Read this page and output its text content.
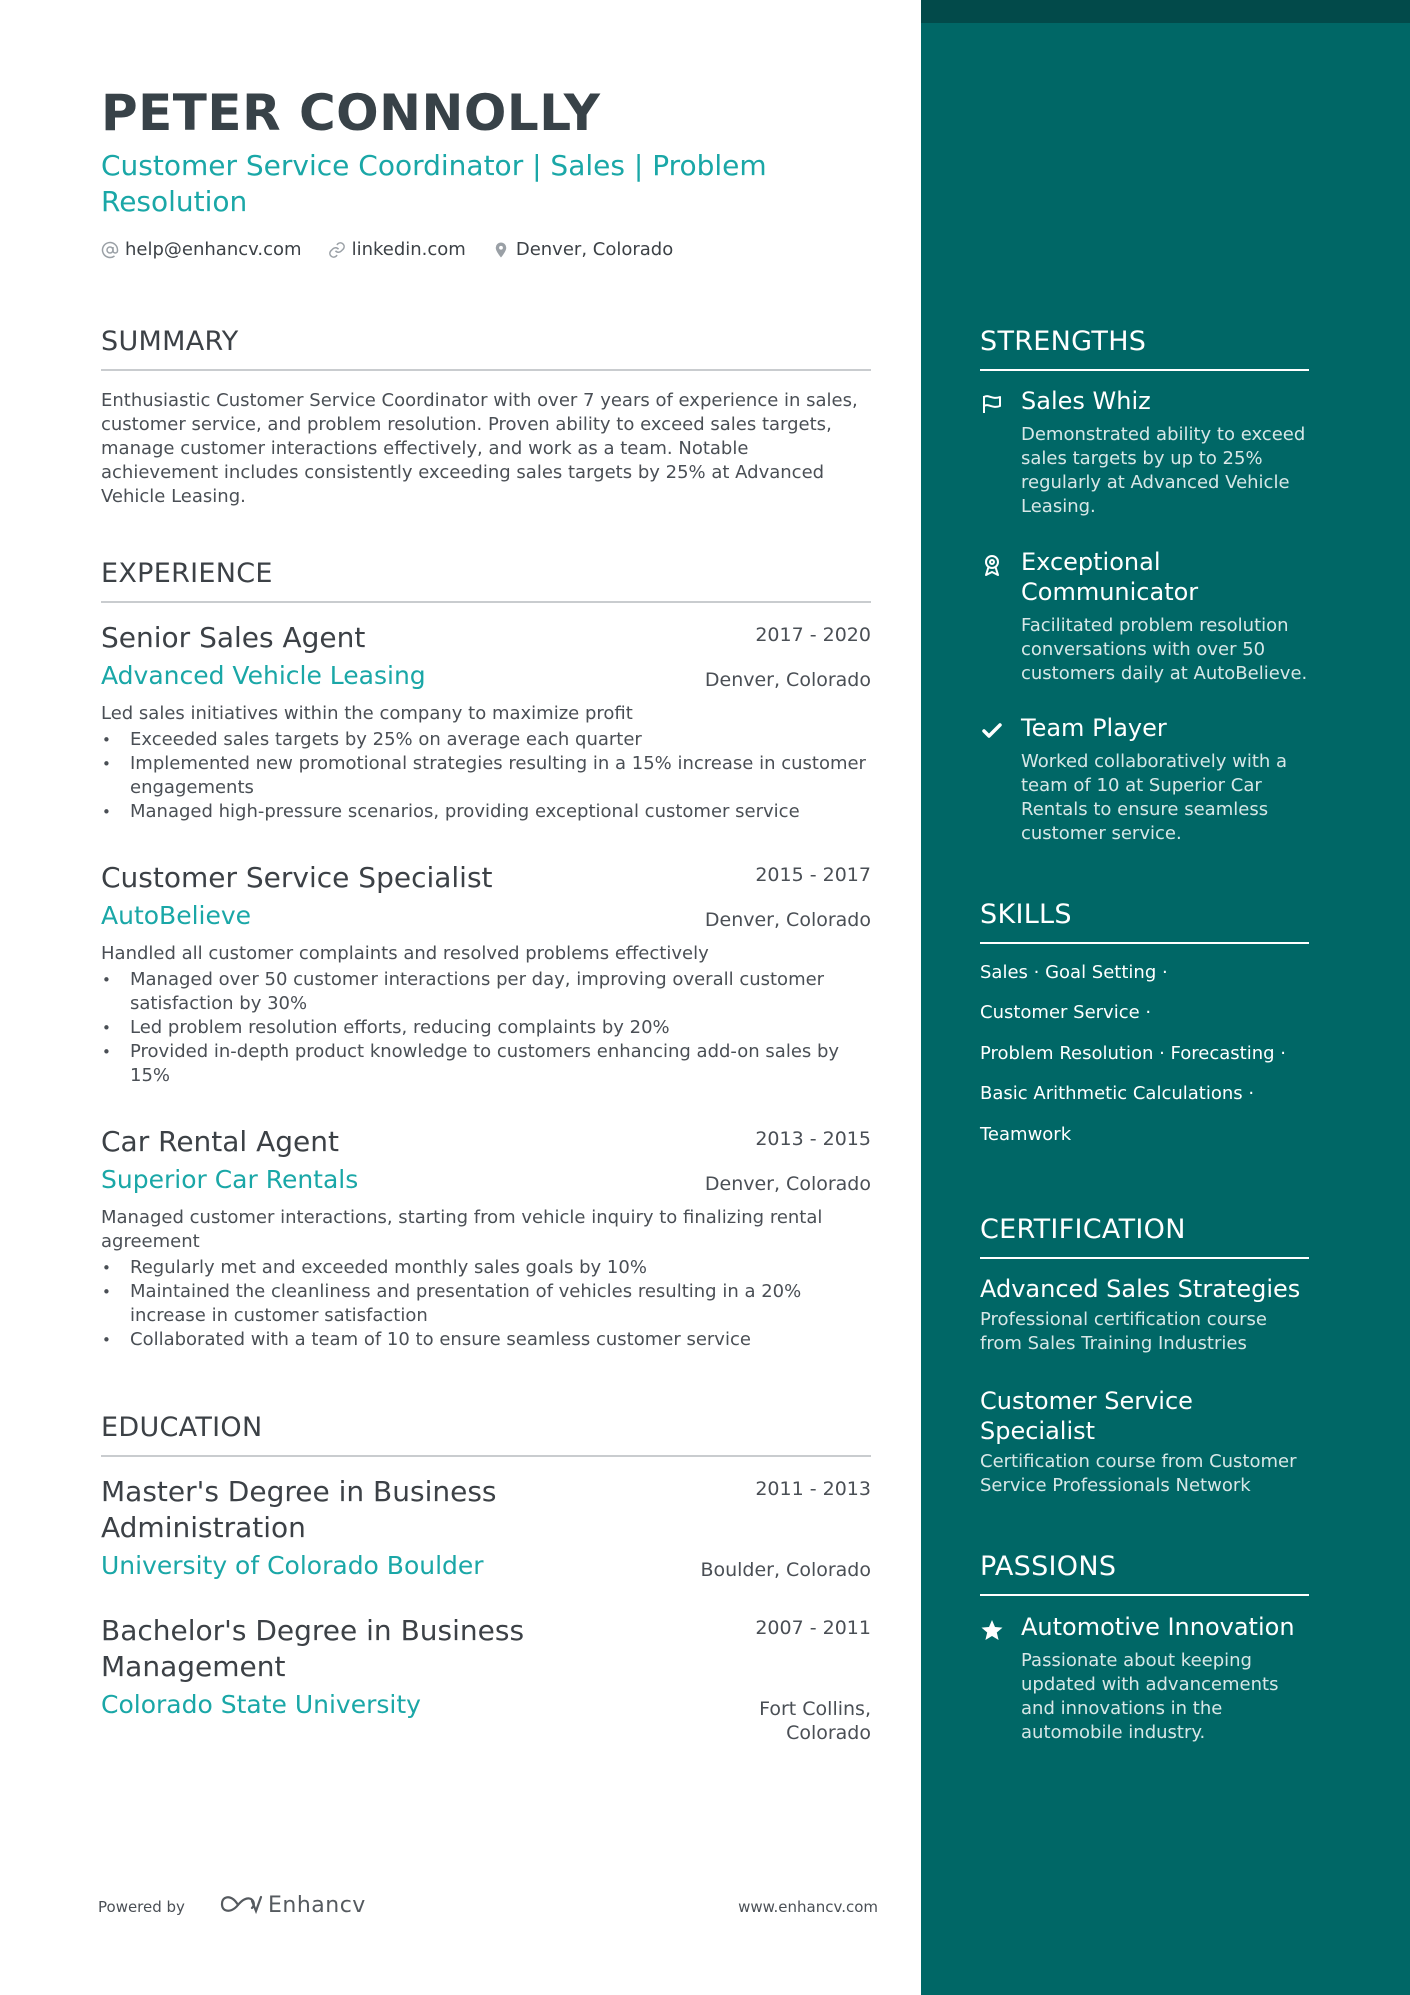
PETER CONNOLLY
Customer Service Coordinator | Sales | Problem Resolution
help@enhancv.com	linkedin.com	Denver, Colorado
SUMMARY
Enthusiastic Customer Service Coordinator with over 7 years of experience in sales, customer service, and problem resolution. Proven ability to exceed sales targets, manage customer interactions effectively, and work as a team. Notable achievement includes consistently exceeding sales targets by 25% at Advanced Vehicle Leasing.
EXPERIENCE
Senior Sales Agent	2017 - 2020
Advanced Vehicle Leasing	Denver, Colorado
Led sales initiatives within the company to maximize profit
• Exceeded sales targets by 25% on average each quarter
• Implemented new promotional strategies resulting in a 15% increase in customer engagements
• Managed high-pressure scenarios, providing exceptional customer service
Customer Service Specialist	2015 - 2017
AutoBelieve	Denver, Colorado
Handled all customer complaints and resolved problems effectively
• Managed over 50 customer interactions per day, improving overall customer satisfaction by 30%
• Led problem resolution efforts, reducing complaints by 20%
• Provided in-depth product knowledge to customers enhancing add-on sales by 15%
Car Rental Agent	2013 - 2015
Superior Car Rentals	Denver, Colorado
Managed customer interactions, starting from vehicle inquiry to finalizing rental agreement
• Regularly met and exceeded monthly sales goals by 10%
• Maintained the cleanliness and presentation of vehicles resulting in a 20% increase in customer satisfaction
• Collaborated with a team of 10 to ensure seamless customer service
EDUCATION
Master's Degree in Business Administration
2011 - 2013
University of Colorado Boulder	Boulder, Colorado
Bachelor's Degree in Business Management
2007 - 2011
Colorado State University	Fort Collins, Colorado
Powered by	Enhancv	www.enhancv.com
STRENGTHS
Sales Whiz
Demonstrated ability to exceed sales targets by up to 25% regularly at Advanced Vehicle Leasing.
Exceptional Communicator
Facilitated problem resolution conversations with over 50 customers daily at AutoBelieve.
Team Player
Worked collaboratively with a team of 10 at Superior Car Rentals to ensure seamless customer service.
SKILLS
Sales · Goal Setting ·
Customer Service ·
Problem Resolution · Forecasting ·
Basic Arithmetic Calculations ·
Teamwork
CERTIFICATION
Advanced Sales Strategies
Professional certification course from Sales Training Industries
Customer Service Specialist
Certification course from Customer Service Professionals Network
PASSIONS
Automotive Innovation
Passionate about keeping updated with advancements and innovations in the automobile industry.
